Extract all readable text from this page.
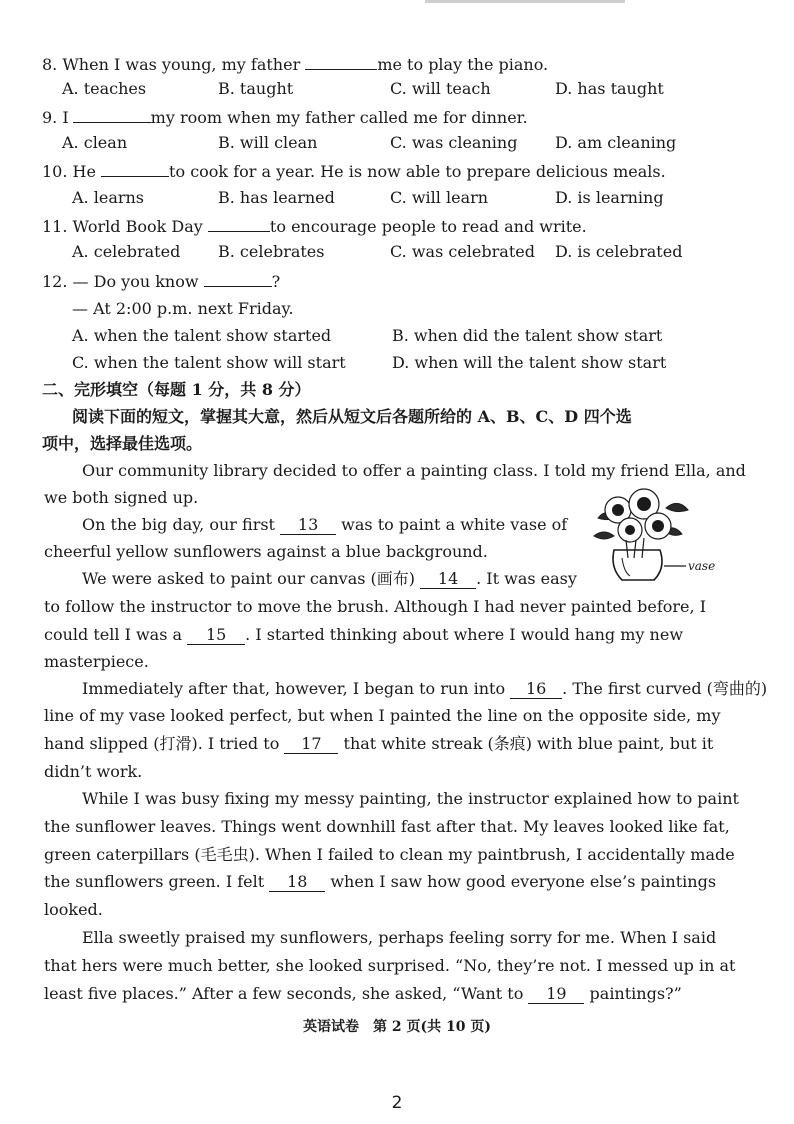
8. When I was young, my father	me to play the piano.
A. teaches	B. taught	C. will teach	D. has taught
9. I	my room when my father called me for dinner.
A. clean	B. will clean	C. was cleaning D. am cleaning
10. He	to cook for a year. He is now able to prepare delicious meals.
A. learns	B. has learned	C. will learn	D. is learning
11. World Book Day	to encourage people to read and write.
A. celebrated B. celebrates	C. was celebrated D. is celebrated
12. — Do you know	?
— At 2:00 p.m. next Friday.
A. when the talent show started	B. when did the talent show start
C. when the talent show will start	D. when will the talent show start
二、完形填空（每题 1 分，共 8 分）
阅读下面的短文，掌握其大意，然后从短文后各题所给的 A、B、C、D 四个选
项中，选择最佳选项。
Our community library decided to offer a painting class. I told my friend Ella, and
we both signed up.
On the big day, our first 13 was to paint a white vase of
cheerful yellow sunflowers against a blue background.
We were asked to paint our canvas (画布) 14 . It was easy
to follow the instructor to move the brush. Although I had never painted before, I
could tell I was a 15 . I started thinking about where I would hang my new
masterpiece.
Immediately after that, however, I began to run into 16 . The first curved (弯曲的)
line of my vase looked perfect, but when I painted the line on the opposite side, my
hand slipped (打滑). I tried to 17 that white streak (条痕) with blue paint, but it
didn’t work.
While I was busy fixing my messy painting, the instructor explained how to paint
the sunflower leaves. Things went downhill fast after that. My leaves looked like fat,
green caterpillars (毛毛虫). When I failed to clean my paintbrush, I accidentally made
the sunflowers green. I felt 18 when I saw how good everyone else’s paintings
looked.
Ella sweetly praised my sunflowers, perhaps feeling sorry for me. When I said
that hers were much better, she looked surprised. “No, they’re not. I messed up in at
least five places.” After a few seconds, she asked, “Want to 19 paintings?”
vase
英语试卷　第 2 页(共 10 页)
2
